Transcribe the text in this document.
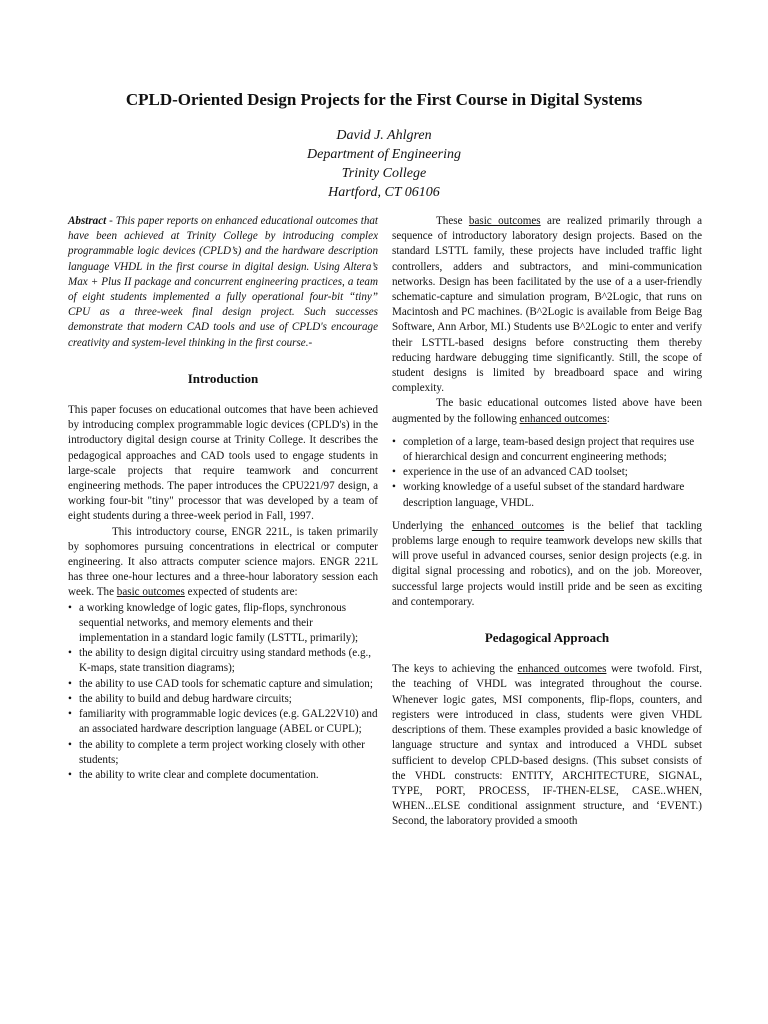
CPLD-Oriented Design Projects for the First Course in Digital Systems
David J. Ahlgren
Department of Engineering
Trinity College
Hartford, CT 06106

Abstract - This paper reports on enhanced educational outcomes that have been achieved at Trinity College by introducing complex programmable logic devices (CPLD’s) and the hardware description language VHDL in the first course in digital design. Using Altera’s Max + Plus II package and concurrent engineering practices, a team of eight students implemented a fully operational four-bit “tiny” CPU as a three-week final design project. Such successes demonstrate that modern CAD tools and use of CPLD's encourage creativity and system-level thinking in the first course.-

Introduction

This paper focuses on educational outcomes that have been achieved by introducing complex programmable logic devices (CPLD's) in the introductory digital design course at Trinity College. It describes the pedagogical approaches and CAD tools used to engage students in large-scale projects that require teamwork and concurrent engineering methods. The paper introduces the CPU221/97 design, a working four-bit "tiny" processor that was developed by a team of eight students during a three-week period in Fall, 1997.

This introductory course, ENGR 221L, is taken primarily by sophomores pursuing concentrations in electrical or computer engineering. It also attracts computer science majors. ENGR 221L has three one-hour lectures and a three-hour laboratory session each week. The basic outcomes expected of students are:

• a working knowledge of logic gates, flip-flops, synchronous sequential networks, and memory elements and their implementation in a standard logic family (LSTTL, primarily);
• the ability to design digital circuitry using standard methods (e.g., K-maps, state transition diagrams);
• the ability to use CAD tools for schematic capture and simulation;
• the ability to build and debug hardware circuits;
• familiarity with programmable logic devices (e.g. GAL22V10) and an associated hardware description language (ABEL or CUPL);
• the ability to complete a term project working closely with other students;
• the ability to write clear and complete documentation.

These basic outcomes are realized primarily through a sequence of introductory laboratory design projects. Based on the standard LSTTL family, these projects have included traffic light controllers, adders and subtractors, and mini-communication networks. Design has been facilitated by the use of a a user-friendly schematic-capture and simulation program, B^2Logic, that runs on Macintosh and PC machines. (B^2Logic is available from Beige Bag Software, Ann Arbor, MI.) Students use B^2Logic to enter and verify their LSTTL-based designs before constructing them thereby reducing hardware debugging time significantly. Still, the scope of student designs is limited by breadboard space and wiring complexity.

The basic educational outcomes listed above have been augmented by the following enhanced outcomes:

• completion of a large, team-based design project that requires use of hierarchical design and concurrent engineering methods;
• experience in the use of an advanced CAD toolset;
• working knowledge of a useful subset of the standard hardware description language, VHDL.

Underlying the enhanced outcomes is the belief that tackling problems large enough to require teamwork develops new skills that will prove useful in advanced courses, senior design projects (e.g. in digital signal processing and robotics), and on the job. Moreover, successful large projects would instill pride and be seen as exciting and contemporary.

Pedagogical Approach

The keys to achieving the enhanced outcomes were twofold. First, the teaching of VHDL was integrated throughout the course. Whenever logic gates, MSI components, flip-flops, counters, and registers were introduced in class, students were given VHDL descriptions of them. These examples provided a basic knowledge of language structure and syntax and introduced a VHDL subset sufficient to develop CPLD-based designs. (This subset consists of the VHDL constructs: ENTITY, ARCHITECTURE, SIGNAL, TYPE, PORT, PROCESS, IF-THEN-ELSE, CASE..WHEN, WHEN...ELSE conditional assignment structure, and ‘EVENT.) Second, the laboratory provided a smooth
